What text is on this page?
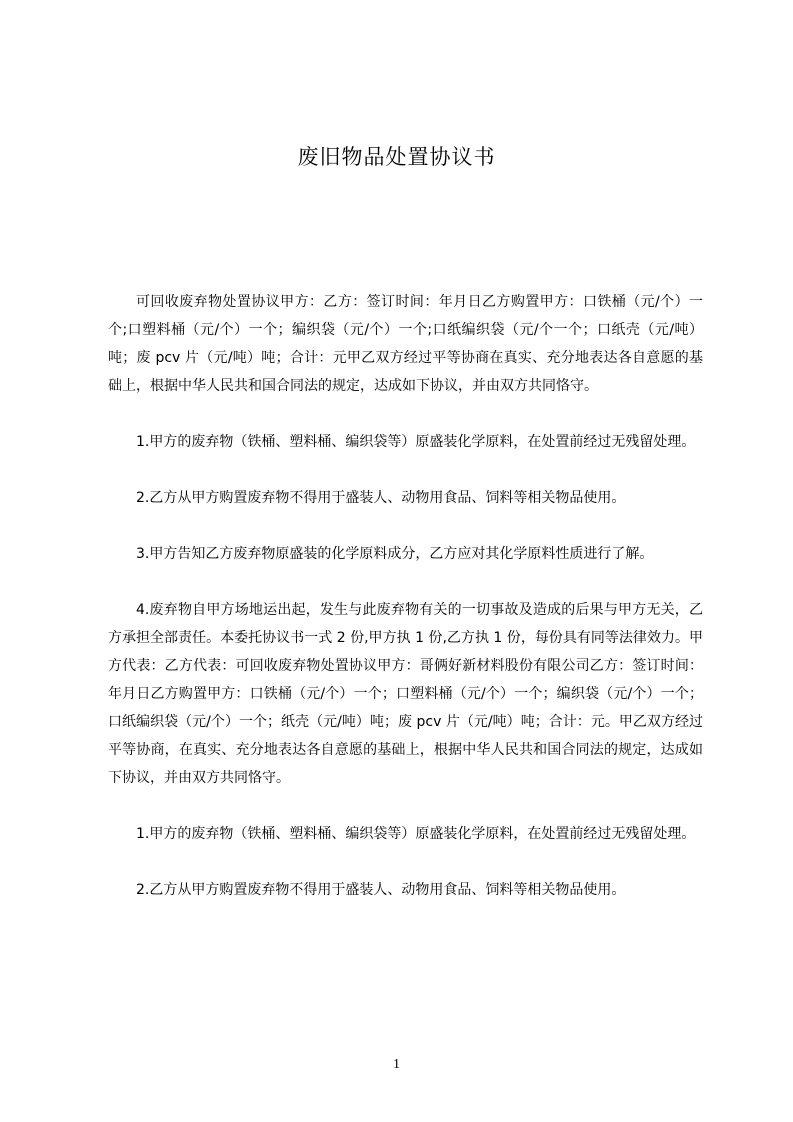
废旧物品处置协议书

可回收废弃物处置协议甲方：乙方：签订时间：年月日乙方购置甲方：口铁桶（元/个）一个;口塑料桶（元/个）一个；编织袋（元/个）一个;口纸编织袋（元/个一个；口纸壳（元/吨）吨；废 pcv 片（元/吨）吨；合计：元甲乙双方经过平等协商在真实、充分地表达各自意愿的基础上，根据中华人民共和国合同法的规定，达成如下协议，并由双方共同恪守。

1.甲方的废弃物（铁桶、塑料桶、编织袋等）原盛装化学原料，在处置前经过无残留处理。

2.乙方从甲方购置废弃物不得用于盛装人、动物用食品、饲料等相关物品使用。

3.甲方告知乙方废弃物原盛装的化学原料成分，乙方应对其化学原料性质进行了解。

4.废弃物自甲方场地运出起，发生与此废弃物有关的一切事故及造成的后果与甲方无关，乙方承担全部责任。本委托协议书一式 2 份,甲方执 1 份,乙方执 1 份，每份具有同等法律效力。甲方代表：乙方代表：可回收废弃物处置协议甲方：哥俩好新材料股份有限公司乙方：签订时间：年月日乙方购置甲方：口铁桶（元/个）一个；口塑料桶（元/个）一个；编织袋（元/个）一个；口纸编织袋（元/个）一个；纸壳（元/吨）吨；废 pcv 片（元/吨）吨；合计：元。甲乙双方经过平等协商，在真实、充分地表达各自意愿的基础上，根据中华人民共和国合同法的规定，达成如下协议，并由双方共同恪守。

1.甲方的废弃物（铁桶、塑料桶、编织袋等）原盛装化学原料，在处置前经过无残留处理。

2.乙方从甲方购置废弃物不得用于盛装人、动物用食品、饲料等相关物品使用。

1
